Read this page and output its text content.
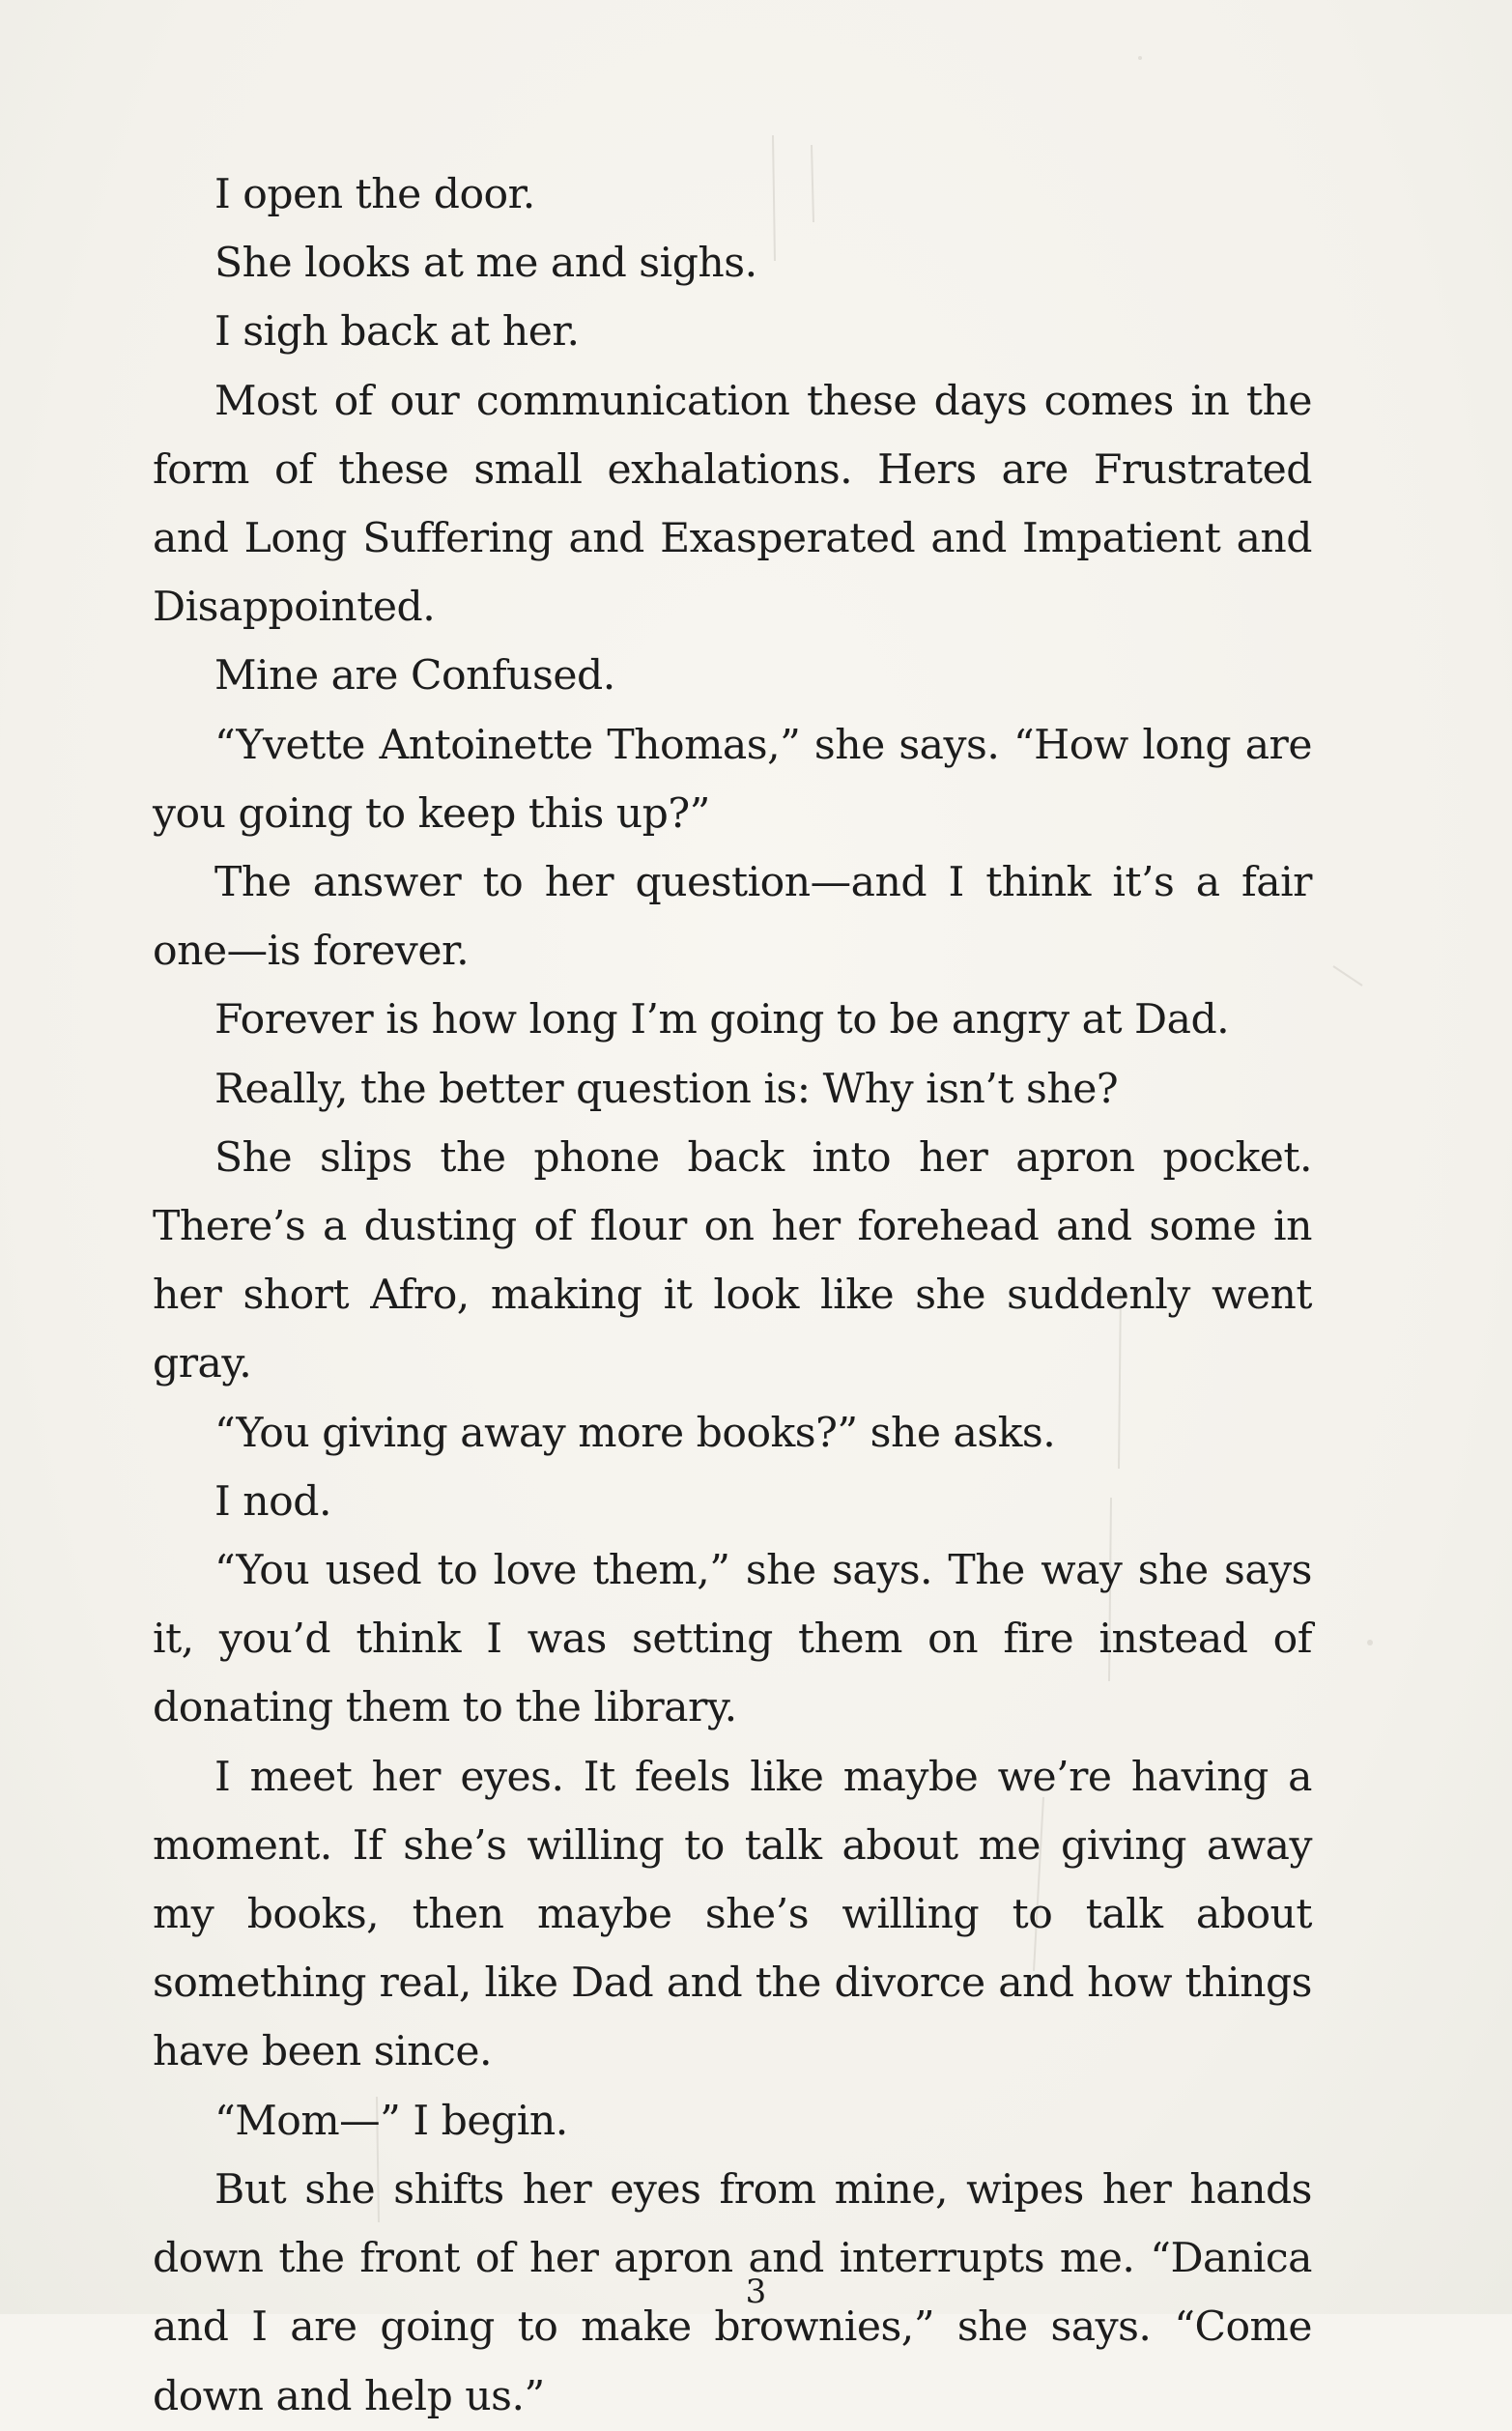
I open the door.

She looks at me and sighs.

I sigh back at her.

Most of our communication these days comes in the form of these small exhalations. Hers are Frustrated and Long Suffering and Exasperated and Impatient and Disappointed.

Mine are Confused.

“Yvette Antoinette Thomas,” she says. “How long are you going to keep this up?”

The answer to her question—and I think it’s a fair one—is forever.

Forever is how long I’m going to be angry at Dad.

Really, the better question is: Why isn’t she?

She slips the phone back into her apron pocket. There’s a dusting of flour on her forehead and some in her short Afro, making it look like she suddenly went gray.

“You giving away more books?” she asks.

I nod.

“You used to love them,” she says. The way she says it, you’d think I was setting them on fire instead of donating them to the library.

I meet her eyes. It feels like maybe we’re having a moment. If she’s willing to talk about me giving away my books, then maybe she’s willing to talk about something real, like Dad and the divorce and how things have been since.

“Mom—” I begin.

But she shifts her eyes from mine, wipes her hands down the front of her apron and interrupts me. “Danica and I are going to make brownies,” she says. “Come down and help us.”

3
